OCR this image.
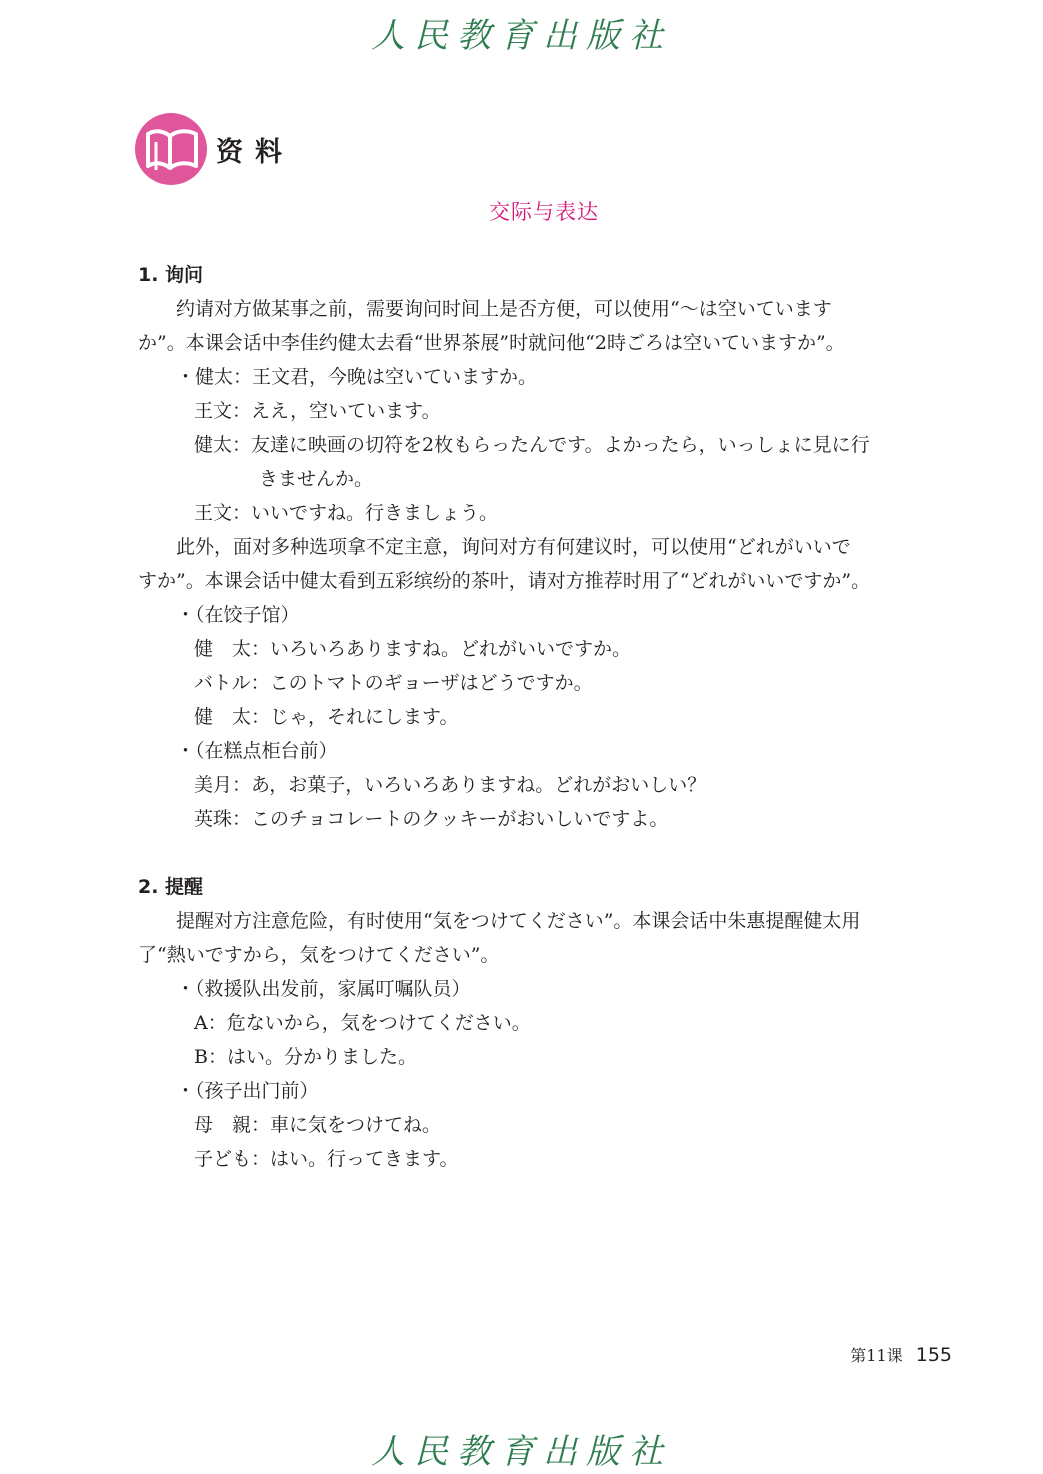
人民教育出版社
资料
交际与表达
1. 询问
约请对方做某事之前，需要询问时间上是否方便，可以使用“～は空いています
か”。本课会话中李佳约健太去看“世界茶展”时就问他“2時ごろは空いていますか”。
・健太：王文君，今晚は空いていますか。
王文：ええ，空いています。
健太：友達に映画の切符を2枚もらったんです。よかったら，いっしょに見に行
きませんか。
王文：いいですね。行きましょう。
此外，面对多种选项拿不定主意，询问对方有何建议时，可以使用“どれがいいで
すか”。本课会话中健太看到五彩缤纷的茶叶，请对方推荐时用了“どれがいいですか”。
・（在饺子馆）
健　太：いろいろありますね。どれがいいですか。
バトル：このトマトのギョーザはどうですか。
健　太：じゃ，それにします。
・（在糕点柜台前）
美月：あ，お菓子，いろいろありますね。どれがおいしい？
英珠：このチョコレートのクッキーがおいしいですよ。
2. 提醒
提醒对方注意危险，有时使用“気をつけてください”。本课会话中朱惠提醒健太用
了“熱いですから，気をつけてください”。
・（救援队出发前，家属叮嘱队员）
A：危ないから，気をつけてください。
B：はい。分かりました。
・（孩子出门前）
母　親：車に気をつけてね。
子ども：はい。行ってきます。
第11课 155
人民教育出版社
